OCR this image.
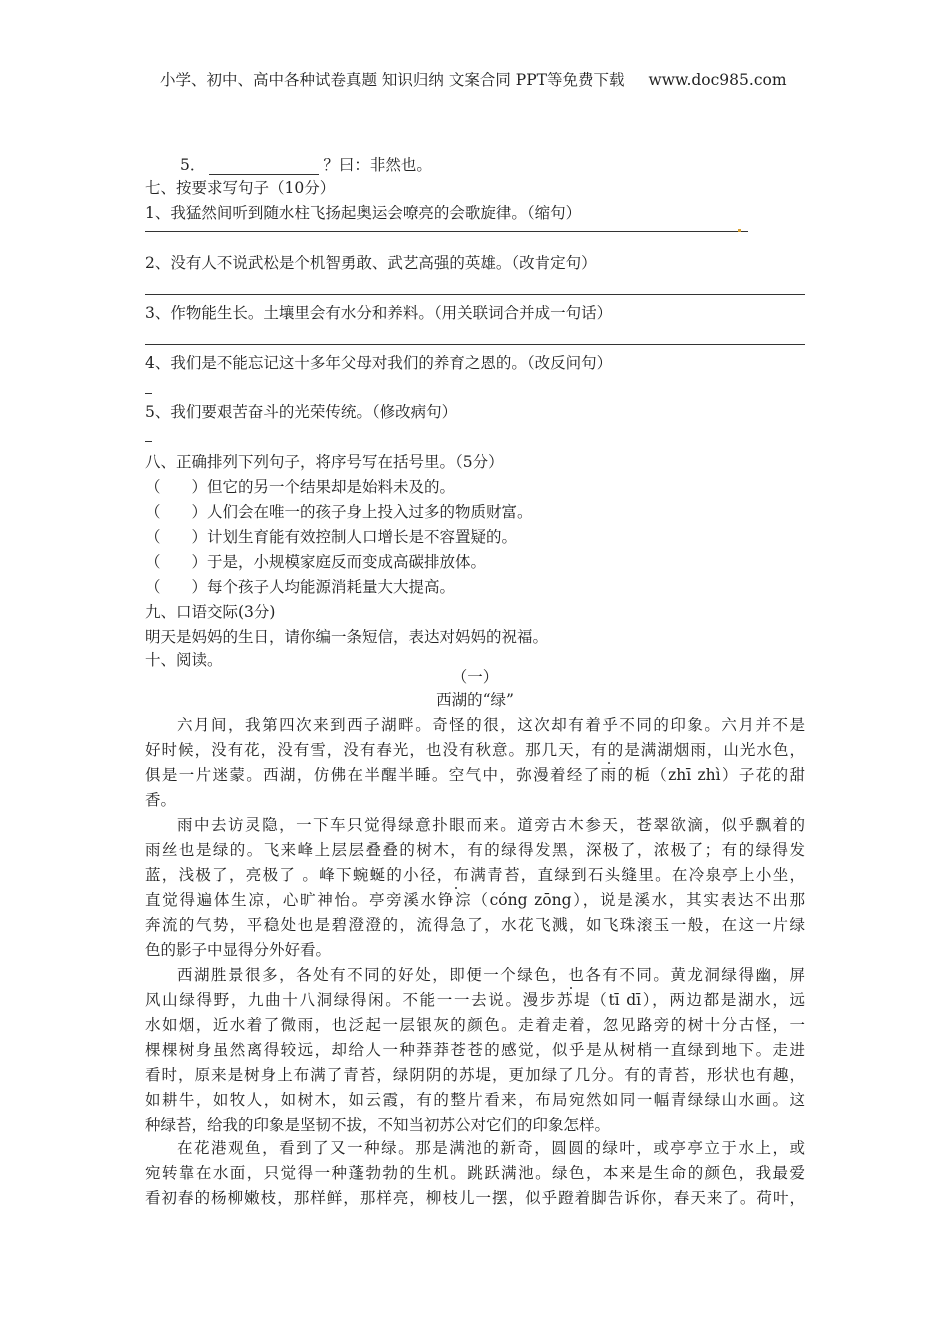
小学、初中、高中各种试卷真题 知识归纳 文案合同 PPT等免费下载 www.doc985.com
5．	？曰：非然也。
七、按要求写句子（10分）
1、我猛然间听到随水柱飞扬起奥运会嘹亮的会歌旋律。（缩句）
2、没有人不说武松是个机智勇敢、武艺高强的英雄。（改肯定句）
3、作物能生长。土壤里会有水分和养料。（用关联词合并成一句话）
4、我们是不能忘记这十多年父母对我们的养育之恩的。（改反问句）
5、我们要艰苦奋斗的光荣传统。（修改病句）
八、正确排列下列句子，将序号写在括号里。（5分）
（　　）但它的另一个结果却是始料未及的。
（　　）人们会在唯一的孩子身上投入过多的物质财富。
（　　）计划生育能有效控制人口增长是不容置疑的。
（　　）于是，小规模家庭反而变成高碳排放体。
（　　）每个孩子人均能源消耗量大大提高。
九、口语交际(3分)
明天是妈妈的生日，请你编一条短信，表达对妈妈的祝福。
十、阅读。
（一）
西湖的“绿”
六月间，我第四次来到西子湖畔。奇怪的很，这次却有着乎不同的印象。六月并不是
好时候，没有花，没有雪，没有春光，也没有秋意。那几天，有的是满湖烟雨，山光水色，
俱是一片迷蒙。西湖，仿佛在半醒半睡。空气中，弥漫着经了雨的栀（zhī zhì）子花的甜
香。
雨中去访灵隐，一下车只觉得绿意扑眼而来。道旁古木参天，苍翠欲滴，似乎飘着的
雨丝也是绿的。飞来峰上层层叠叠的树木，有的绿得发黑，深极了，浓极了；有的绿得发
蓝，浅极了，亮极了 。峰下蜿蜒的小径，布满青苔，直绿到石头缝里。在冷泉亭上小坐，
直觉得遍体生凉，心旷神怡。亭旁溪水铮淙（cóng zōng），说是溪水，其实表达不出那
奔流的气势，平稳处也是碧澄澄的，流得急了，水花飞溅，如飞珠滚玉一般，在这一片绿
色的影子中显得分外好看。
西湖胜景很多，各处有不同的好处，即便一个绿色，也各有不同。黄龙洞绿得幽，屏
风山绿得野，九曲十八洞绿得闲。不能一一去说。漫步苏堤（tī dī），两边都是湖水，远
水如烟，近水着了微雨，也泛起一层银灰的颜色。走着走着，忽见路旁的树十分古怪，一
棵棵树身虽然离得较远，却给人一种莽莽苍苍的感觉，似乎是从树梢一直绿到地下。走进
看时，原来是树身上布满了青苔，绿阴阴的苏堤，更加绿了几分。有的青苔，形状也有趣，
如耕牛，如牧人，如树木，如云霞，有的整片看来，布局宛然如同一幅青绿绿山水画。这
种绿苔，给我的印象是坚韧不拔，不知当初苏公对它们的印象怎样。
在花港观鱼，看到了又一种绿。那是满池的新奇，圆圆的绿叶，或亭亭立于水上，或
宛转靠在水面，只觉得一种蓬勃勃的生机。跳跃满池。绿色，本来是生命的颜色，我最爱
看初春的杨柳嫩枝，那样鲜，那样亮，柳枝儿一摆，似乎蹬着脚告诉你，春天来了。荷叶，
